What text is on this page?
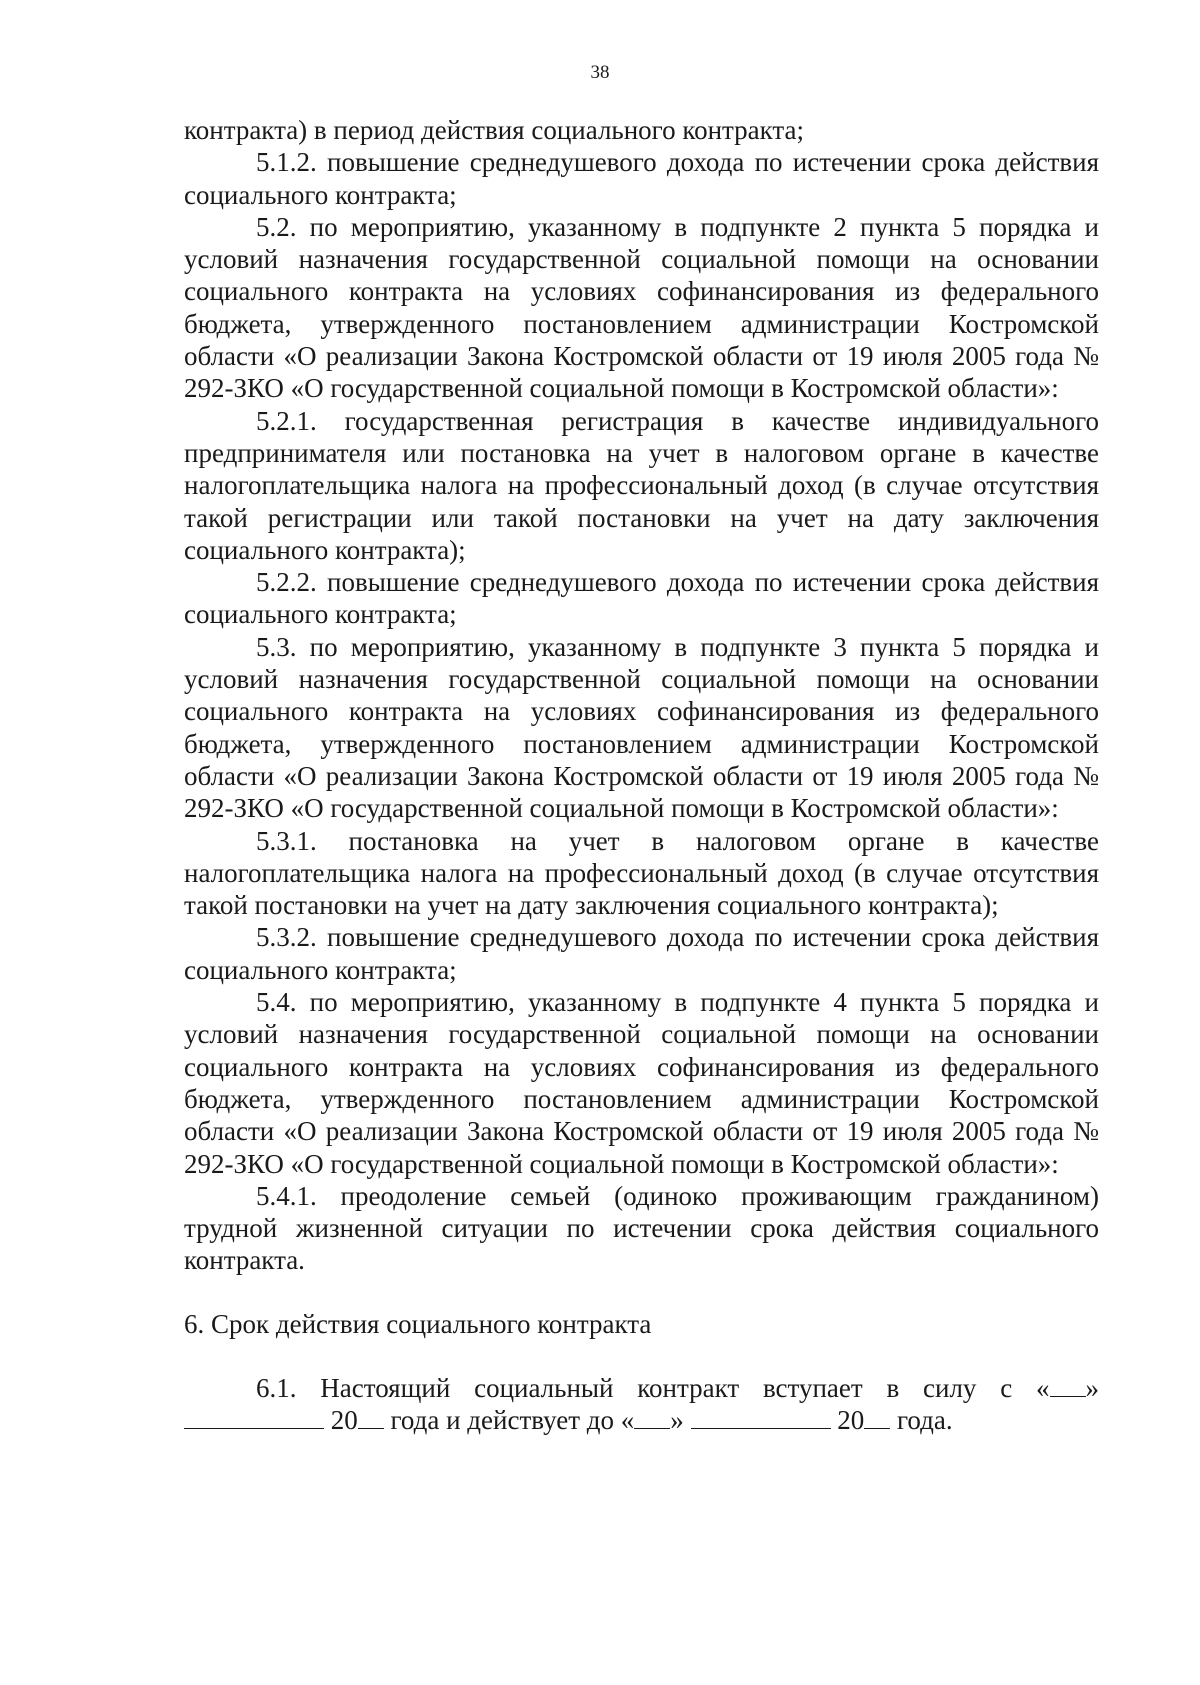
38

контракта) в период действия социального контракта;

5.1.2. повышение среднедушевого дохода по истечении срока действия социального контракта;

5.2. по мероприятию, указанному в подпункте 2 пункта 5 порядка и условий назначения государственной социальной помощи на основании социального контракта на условиях софинансирования из федерального бюджета, утвержденного постановлением администрации Костромской области «О реализации Закона Костромской области от 19 июля 2005 года № 292-ЗКО «О государственной социальной помощи в Костромской области»:

5.2.1. государственная регистрация в качестве индивидуального предпринимателя или постановка на учет в налоговом органе в качестве налогоплательщика налога на профессиональный доход (в случае отсутствия такой регистрации или такой постановки на учет на дату заключения социального контракта);

5.2.2. повышение среднедушевого дохода по истечении срока действия социального контракта;

5.3. по мероприятию, указанному в подпункте 3 пункта 5 порядка и условий назначения государственной социальной помощи на основании социального контракта на условиях софинансирования из федерального бюджета, утвержденного постановлением администрации Костромской области «О реализации Закона Костромской области от 19 июля 2005 года № 292-ЗКО «О государственной социальной помощи в Костромской области»:

5.3.1. постановка на учет в налоговом органе в качестве налогоплательщика налога на профессиональный доход (в случае отсутствия такой постановки на учет на дату заключения социального контракта);

5.3.2. повышение среднедушевого дохода по истечении срока действия социального контракта;

5.4. по мероприятию, указанному в подпункте 4 пункта 5 порядка и условий назначения государственной социальной помощи на основании социального контракта на условиях софинансирования из федерального бюджета, утвержденного постановлением администрации Костромской области «О реализации Закона Костромской области от 19 июля 2005 года № 292-ЗКО «О государственной социальной помощи в Костромской области»:

5.4.1. преодоление семьей (одиноко проживающим гражданином) трудной жизненной ситуации по истечении срока действия социального контракта.

6. Срок действия социального контракта

6.1. Настоящий социальный контракт вступает в силу с « » 20 года и действует до « »	20 года.
